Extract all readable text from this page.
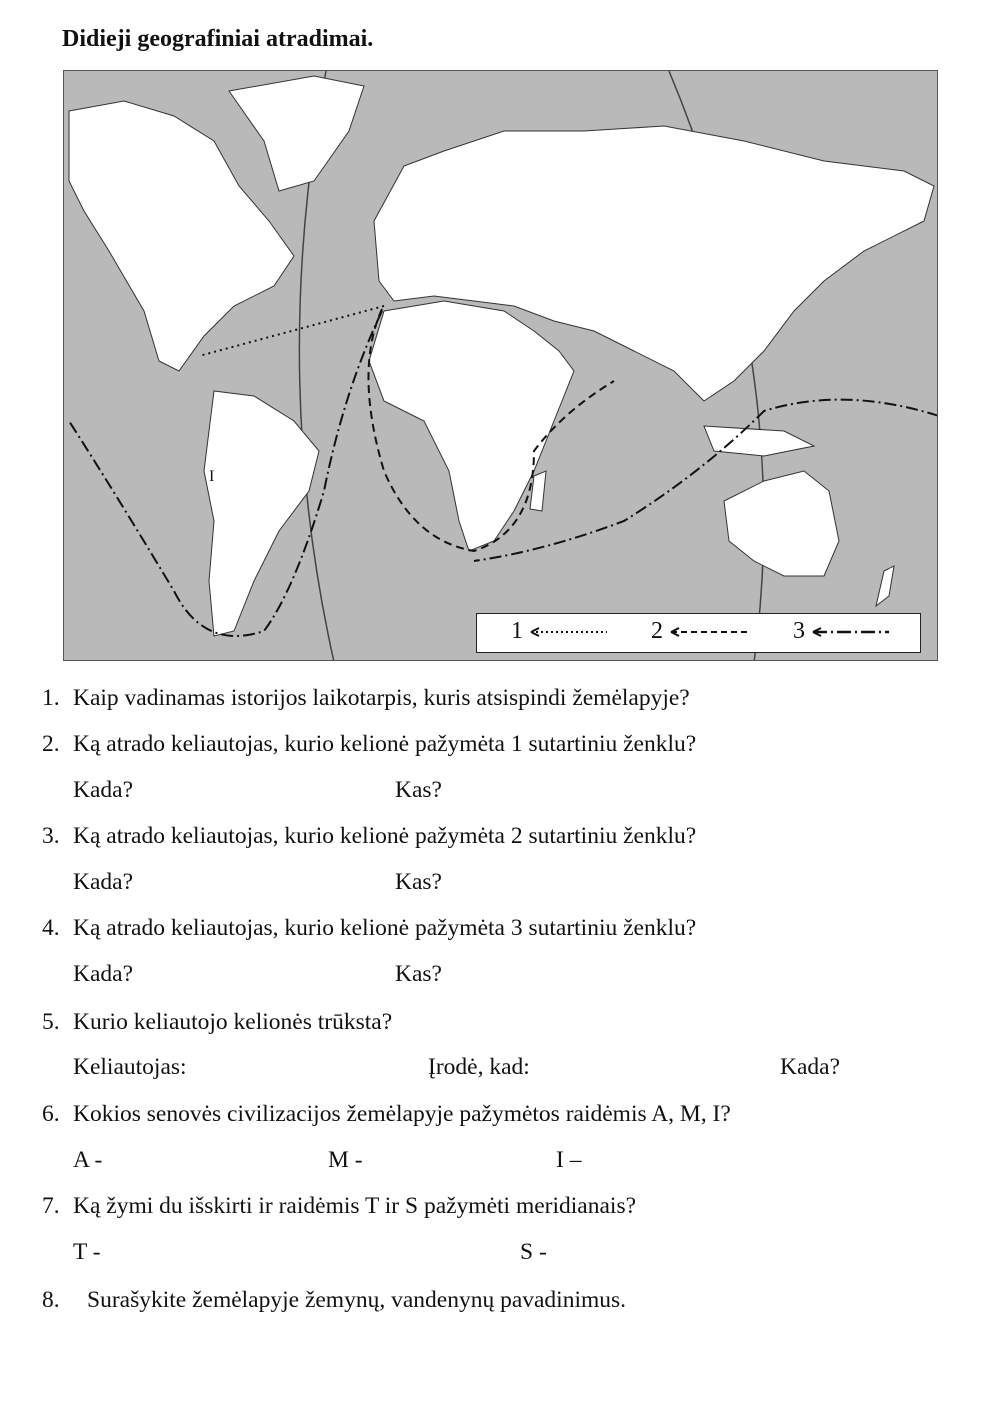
Didieji geografiniai atradimai.
I
1	2	3
1. Kaip vadinamas istorijos laikotarpis, kuris atsispindi žemėlapyje?
2. Ką atrado keliautojas, kurio kelionė pažymėta 1 sutartiniu ženklu?
Kada?	Kas?
3. Ką atrado keliautojas, kurio kelionė pažymėta 2 sutartiniu ženklu?
Kada?	Kas?
4. Ką atrado keliautojas, kurio kelionė pažymėta 3 sutartiniu ženklu?
Kada?	Kas?
5. Kurio keliautojo kelionės trūksta?
Keliautojas:	Įrodė, kad:	Kada?
6. Kokios senovės civilizacijos žemėlapyje pažymėtos raidėmis A, M, I?
A -	M -	I –
7. Ką žymi du išskirti ir raidėmis T ir S pažymėti meridianais?
T -	S -
8. Surašykite žemėlapyje žemynų, vandenynų pavadinimus.
